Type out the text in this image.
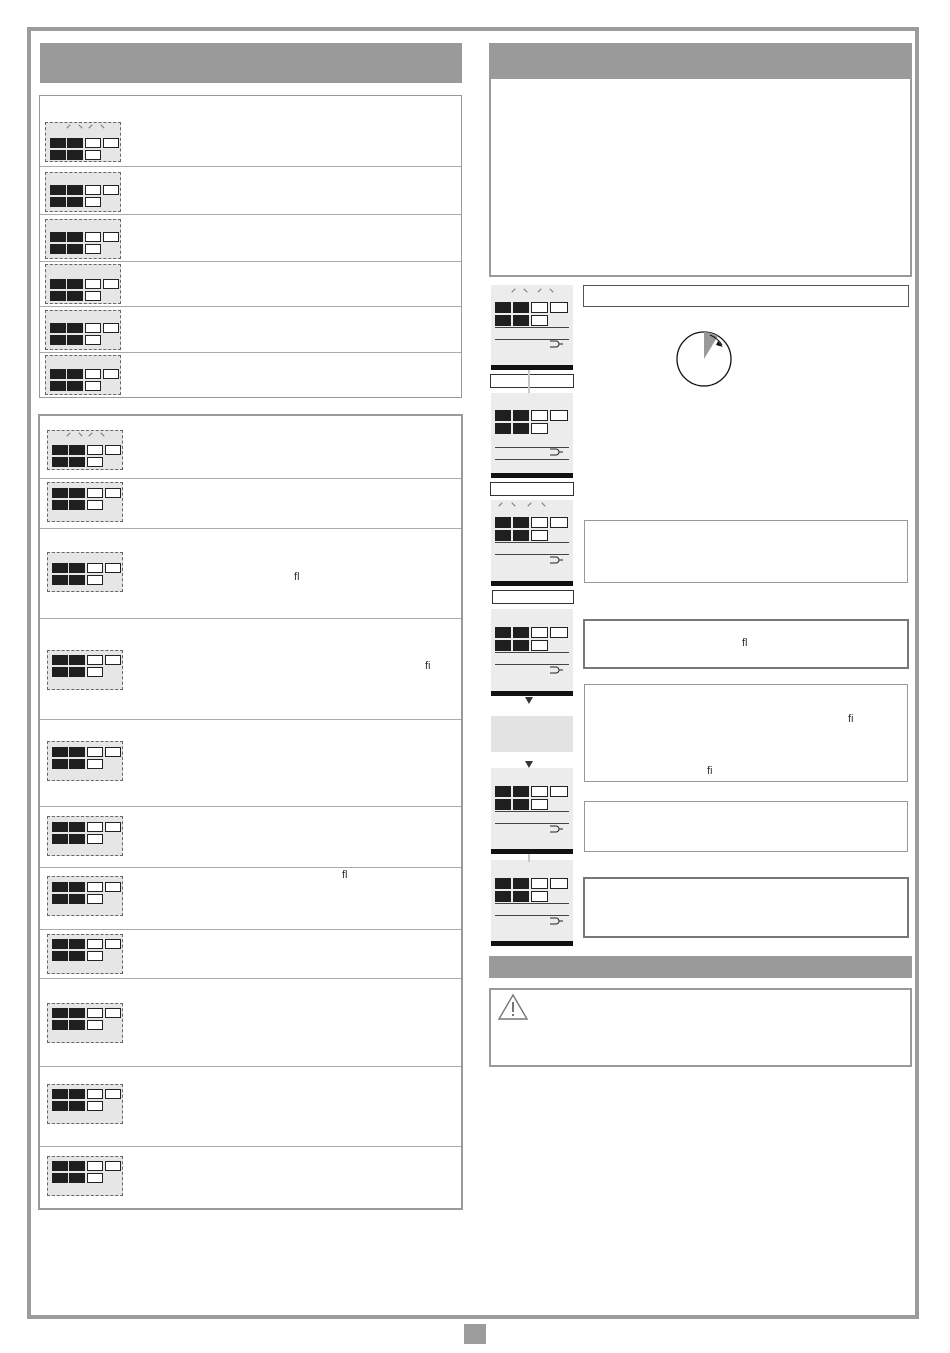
ﬂ
ﬁ
ﬂ
ﬂ
ﬁ
ﬁ
